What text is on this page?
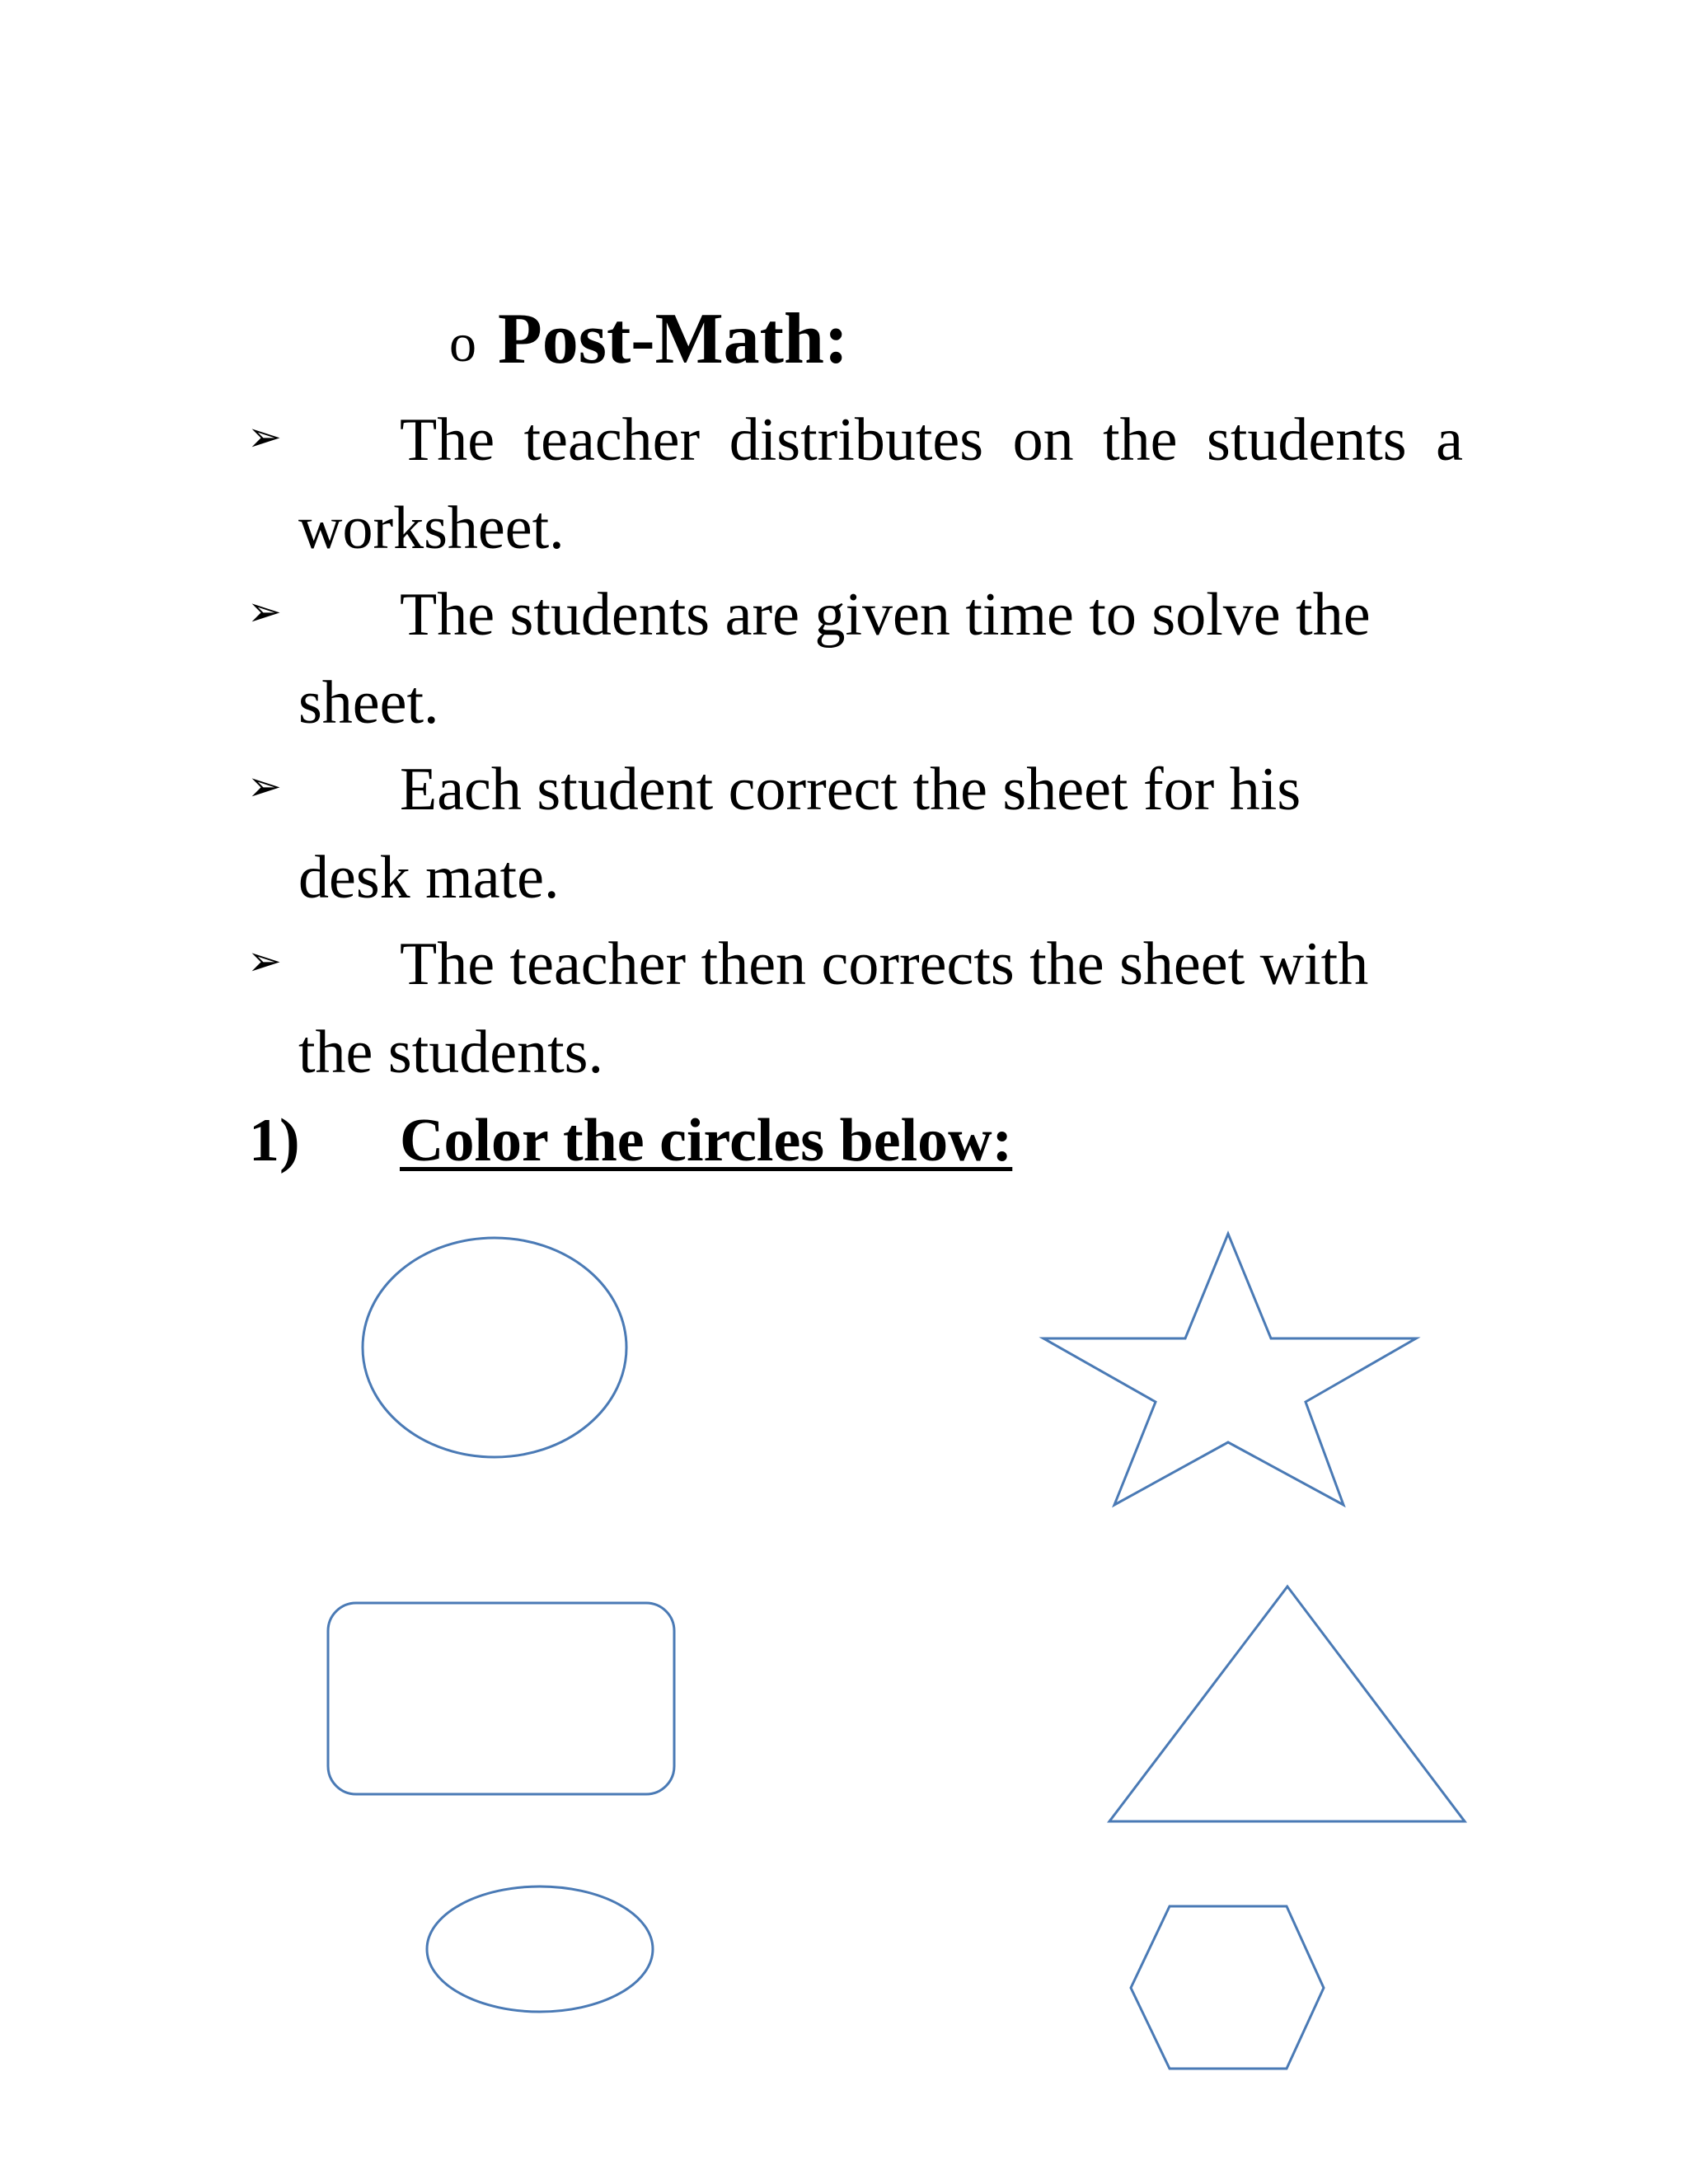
o Post-Math:
➢ The teacher distributes on the students a
worksheet.
➢ The students are given time to solve the
sheet.
➢ Each student correct the sheet for his
desk mate.
➢ The teacher then corrects the sheet with
the students.
1) Color the circles below:
